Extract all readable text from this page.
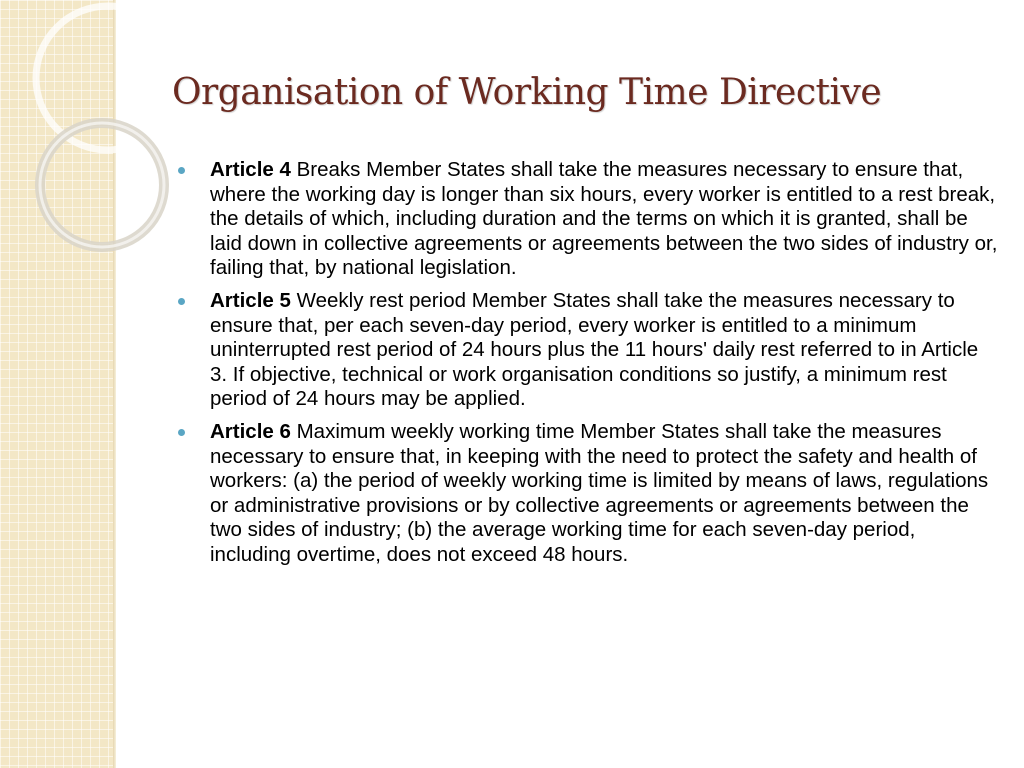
Organisation of Working Time Directive
Article 4 Breaks Member States shall take the measures necessary to ensure that, where the working day is longer than six hours, every worker is entitled to a rest break, the details of which, including duration and the terms on which it is granted, shall be laid down in collective agreements or agreements between the two sides of industry or, failing that, by national legislation.
Article 5 Weekly rest period Member States shall take the measures necessary to ensure that, per each seven-day period, every worker is entitled to a minimum uninterrupted rest period of 24 hours plus the 11 hours' daily rest referred to in Article 3. If objective, technical or work organisation conditions so justify, a minimum rest period of 24 hours may be applied.
Article 6 Maximum weekly working time Member States shall take the measures necessary to ensure that, in keeping with the need to protect the safety and health of workers: (a) the period of weekly working time is limited by means of laws, regulations or administrative provisions or by collective agreements or agreements between the two sides of industry; (b) the average working time for each seven-day period, including overtime, does not exceed 48 hours.
